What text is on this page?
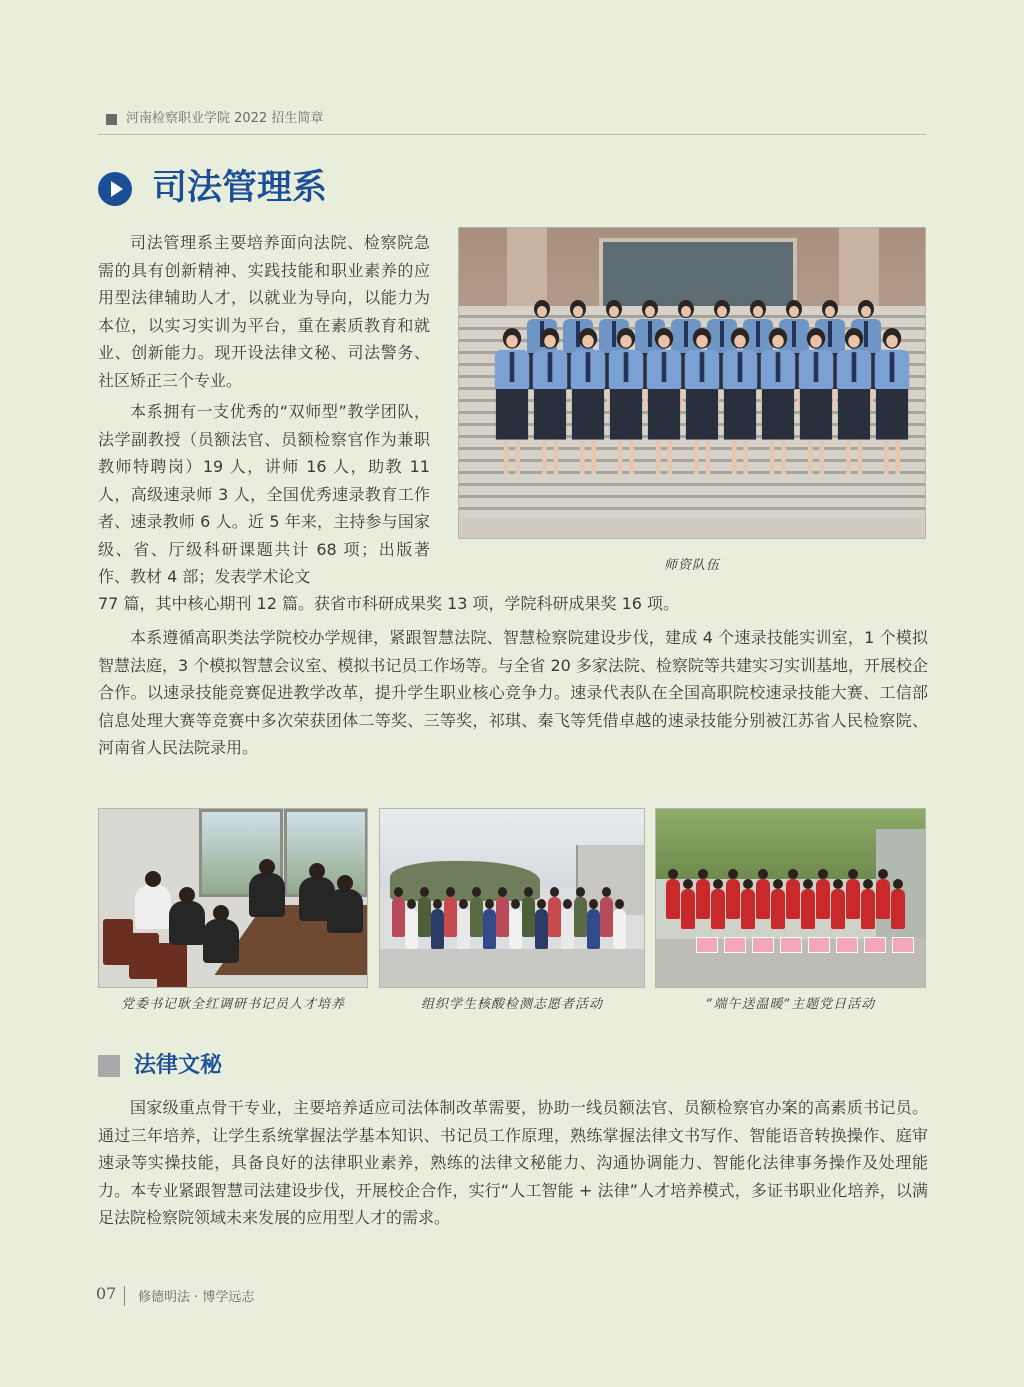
河南检察职业学院 2022 招生简章
司法管理系

司法管理系主要培养面向法院、检察院急需的具有创新精神、实践技能和职业素养的应用型法律辅助人才，以就业为导向，以能力为本位，以实习实训为平台，重在素质教育和就业、创新能力。现开设法律文秘、司法警务、社区矫正三个专业。

本系拥有一支优秀的“双师型”教学团队，法学副教授（员额法官、员额检察官作为兼职教师特聘岗）19 人，讲师 16 人，助教 11 人，高级速录师 3 人，全国优秀速录教育工作者、速录教师 6 人。近 5 年来，主持参与国家级、省、厅级科研课题共计 68 项；出版著作、教材 4 部；发表学术论文

77 篇，其中核心期刊 12 篇。获省市科研成果奖 13 项，学院科研成果奖 16 项。

本系遵循高职类法学院校办学规律，紧跟智慧法院、智慧检察院建设步伐，建成 4 个速录技能实训室，1 个模拟智慧法庭，3 个模拟智慧会议室、模拟书记员工作场等。与全省 20 多家法院、检察院等共建实习实训基地，开展校企合作。以速录技能竞赛促进教学改革，提升学生职业核心竞争力。速录代表队在全国高职院校速录技能大赛、工信部信息处理大赛等竞赛中多次荣获团体二等奖、三等奖，祁琪、秦飞等凭借卓越的速录技能分别被江苏省人民检察院、河南省人民法院录用。

师资队伍
党委书记耿全红调研书记员人才培养	组织学生核酸检测志愿者活动	“端午送温暖”主题党日活动
法律文秘

国家级重点骨干专业，主要培养适应司法体制改革需要，协助一线员额法官、员额检察官办案的高素质书记员。通过三年培养，让学生系统掌握法学基本知识、书记员工作原理，熟练掌握法律文书写作、智能语音转换操作、庭审速录等实操技能，具备良好的法律职业素养，熟练的法律文秘能力、沟通协调能力、智能化法律事务操作及处理能力。本专业紧跟智慧司法建设步伐，开展校企合作，实行“人工智能 + 法律”人才培养模式，多证书职业化培养，以满足法院检察院领域未来发展的应用型人才的需求。

07 修德明法 · 博学远志
